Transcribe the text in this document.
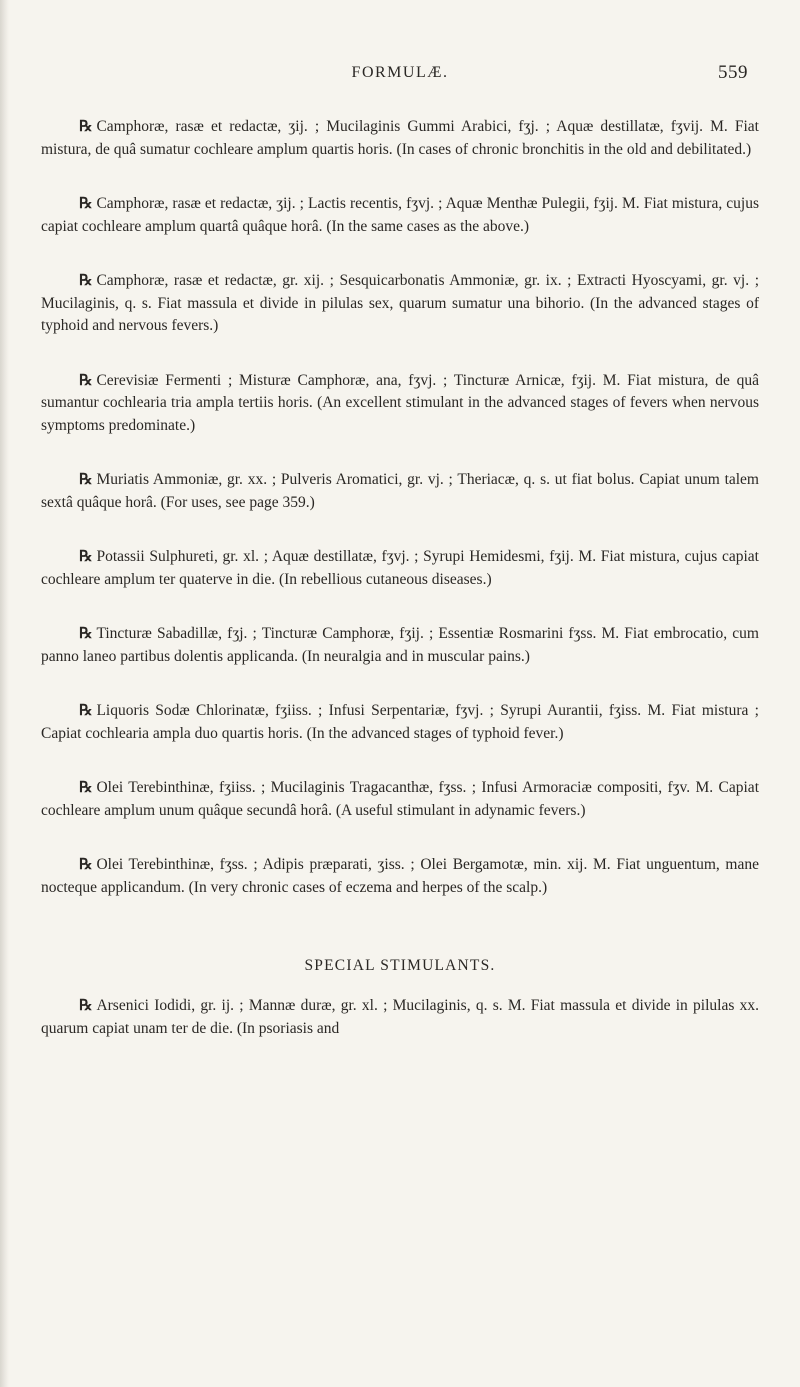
FORMULÆ.	559

℞ Camphoræ, rasæ et redactæ, ʒij. ; Mucilaginis Gummi Arabici, fʒj. ; Aquæ destillatæ, fʒvij. M. Fiat mistura, de quâ sumatur cochleare amplum quartis horis. (In cases of chronic bronchitis in the old and debilitated.)

℞ Camphoræ, rasæ et redactæ, ʒij. ; Lactis recentis, fʒvj. ; Aquæ Menthæ Pulegii, fʒij. M. Fiat mistura, cujus capiat cochleare amplum quartâ quâque horâ. (In the same cases as the above.)

℞ Camphoræ, rasæ et redactæ, gr. xij. ; Sesquicarbonatis Ammoniæ, gr. ix. ; Extracti Hyoscyami, gr. vj. ; Mucilaginis, q. s. Fiat massula et divide in pilulas sex, quarum sumatur una bihorio. (In the advanced stages of typhoid and nervous fevers.)

℞ Cerevisiæ Fermenti ; Misturæ Camphoræ, ana, fʒvj. ; Tincturæ Arnicæ, fʒij. M. Fiat mistura, de quâ sumantur cochlearia tria ampla tertiis horis. (An excellent stimulant in the advanced stages of fevers when nervous symptoms predominate.)

℞ Muriatis Ammoniæ, gr. xx. ; Pulveris Aromatici, gr. vj. ; Theriacæ, q. s. ut fiat bolus. Capiat unum talem sextâ quâque horâ. (For uses, see page 359.)

℞ Potassii Sulphureti, gr. xl. ; Aquæ destillatæ, fʒvj. ; Syrupi Hemidesmi, fʒij. M. Fiat mistura, cujus capiat cochleare amplum ter quaterve in die. (In rebellious cutaneous diseases.)

℞ Tincturæ Sabadillæ, fʒj. ; Tincturæ Camphoræ, fʒij. ; Essentiæ Rosmarini fʒss. M. Fiat embrocatio, cum panno laneo partibus dolentis applicanda. (In neuralgia and in muscular pains.)

℞ Liquoris Sodæ Chlorinatæ, fʒiiss. ; Infusi Serpentariæ, fʒvj. ; Syrupi Aurantii, fʒiss. M. Fiat mistura ; Capiat cochlearia ampla duo quartis horis. (In the advanced stages of typhoid fever.)

℞ Olei Terebinthinæ, fʒiiss. ; Mucilaginis Tragacanthæ, fʒss. ; Infusi Armoraciæ compositi, fʒv. M. Capiat cochleare amplum unum quâque secundâ horâ. (A useful stimulant in adynamic fevers.)

℞ Olei Terebinthinæ, fʒss. ; Adipis præparati, ʒiss. ; Olei Bergamotæ, min. xij. M. Fiat unguentum, mane nocteque applicandum. (In very chronic cases of eczema and herpes of the scalp.)

SPECIAL STIMULANTS.

℞ Arsenici Iodidi, gr. ij. ; Mannæ duræ, gr. xl. ; Mucilaginis, q. s. M. Fiat massula et divide in pilulas xx. quarum capiat unam ter de die. (In psoriasis and
